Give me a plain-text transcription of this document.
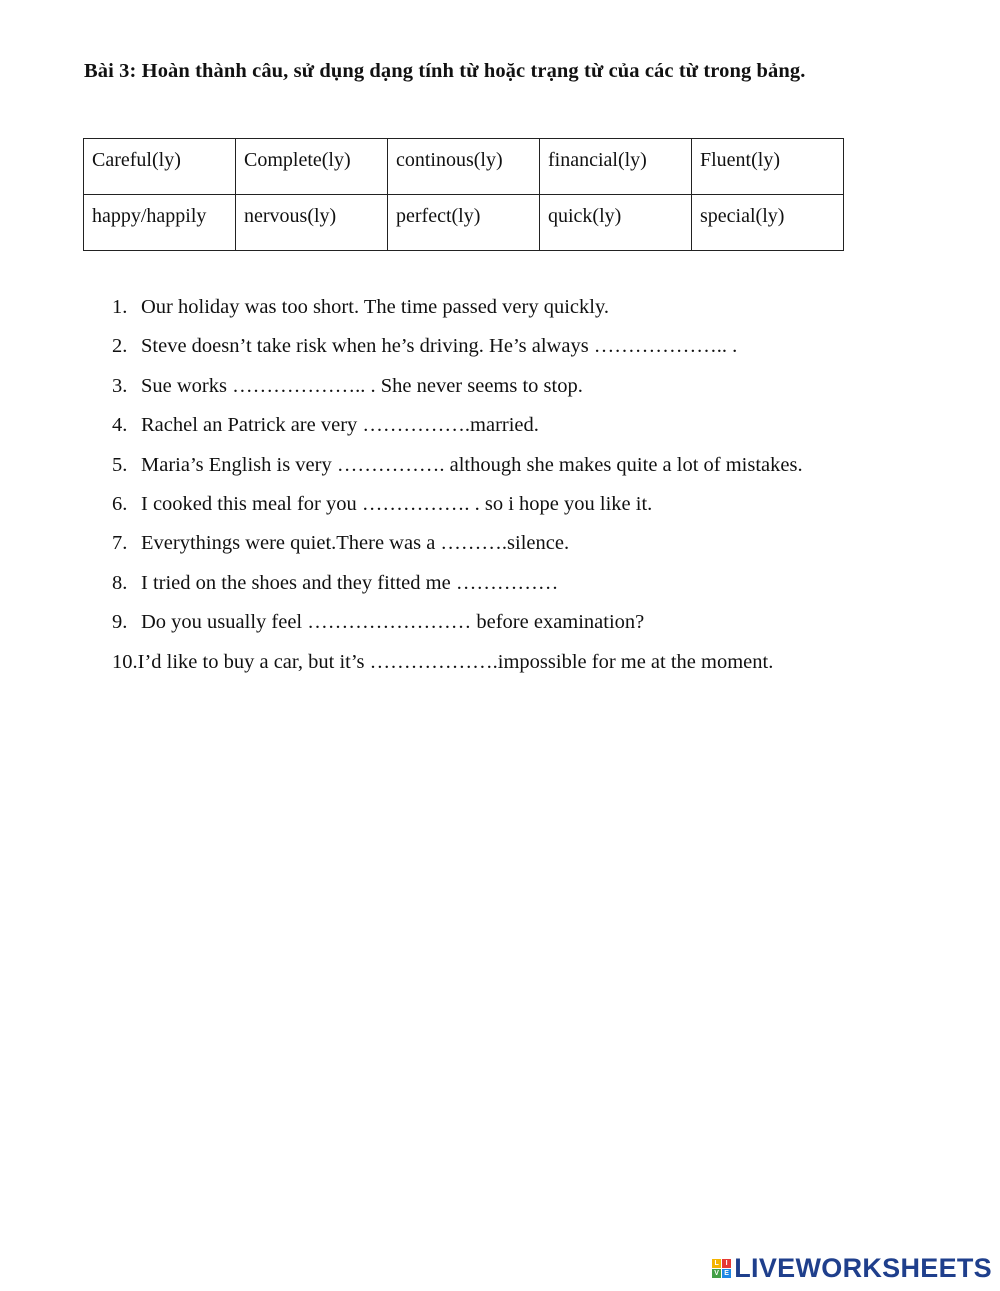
Bài 3: Hoàn thành câu, sử dụng dạng tính từ hoặc trạng từ của các từ trong bảng.
Careful(ly)	Complete(ly)	continous(ly)	financial(ly)	Fluent(ly)
happy/happily	nervous(ly)	perfect(ly)	quick(ly)	special(ly)
1. Our holiday was too short. The time passed very quickly.
2. Steve doesn’t take risk when he’s driving. He’s always ……………….. .
3. Sue works ……………….. . She never seems to stop.
4. Rachel an Patrick are very …………….married.
5. Maria’s English is very ……………. although she makes quite a lot of mistakes.
6. I cooked this meal for you ……………. . so i hope you like it.
7. Everythings were quiet.There was a ……….silence.
8. I tried on the shoes and they fitted me ……………
9. Do you usually feel …………………… before examination?
10.I’d like to buy a car, but it’s ……………….impossible for me at the moment.
L I
V E LIVEWORKSHEETS
